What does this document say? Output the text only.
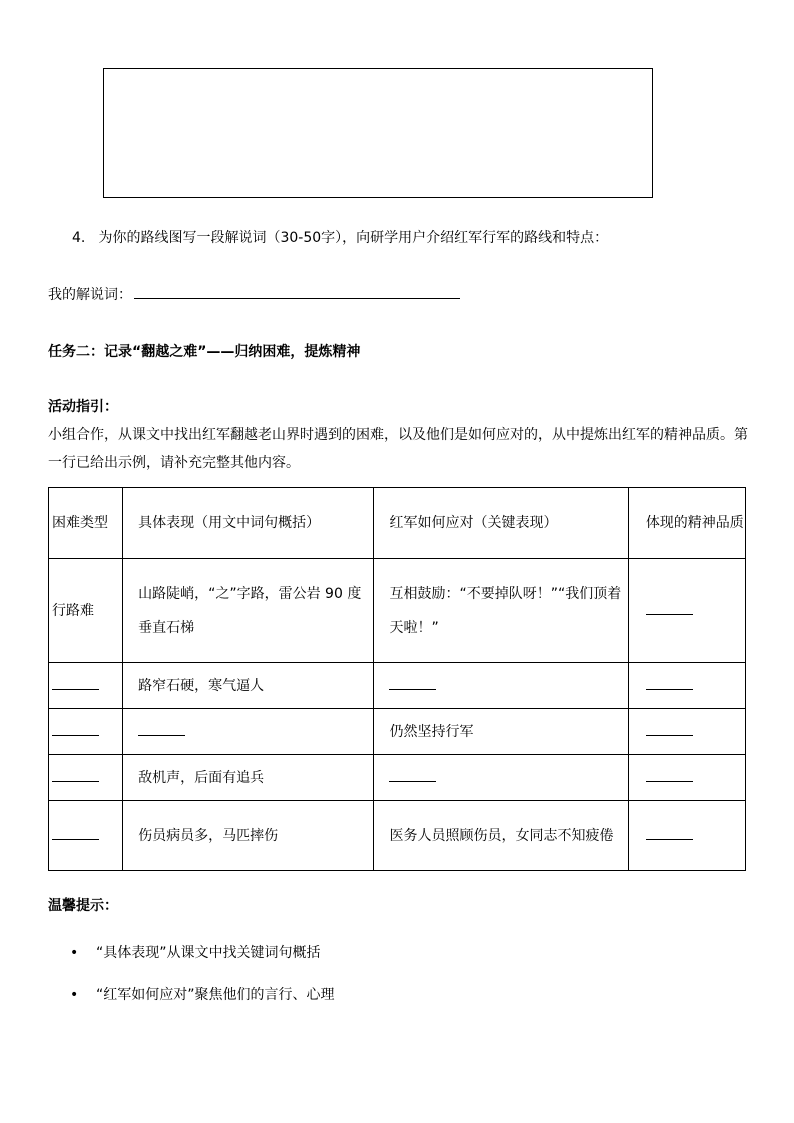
4. 为你的路线图写一段解说词（30-50字），向研学用户介绍红军行军的路线和特点：
我的解说词：
任务二：记录“翻越之难”——归纳困难，提炼精神
活动指引：
小组合作，从课文中找出红军翻越老山界时遇到的困难，以及他们是如何应对的，从中提炼出红军的精神品质。第一行已给出示例，请补充完整其他内容。
困难类型	具体表现（用文中词句概括）	红军如何应对（关键表现）	体现的精神品质

行路难	山路陡峭，“之”字路，雷公岩 90 度垂直石梯	互相鼓励：“不要掉队呀！”“我们顶着天啦！”	

	路窄石硬，寒气逼人		

		仍然坚持行军	

	敌机声，后面有追兵		

	伤员病员多，马匹摔伤	医务人员照顾伤员，女同志不知疲倦	

温馨提示：
• “具体表现”从课文中找关键词句概括
• “红军如何应对”聚焦他们的言行、心理
